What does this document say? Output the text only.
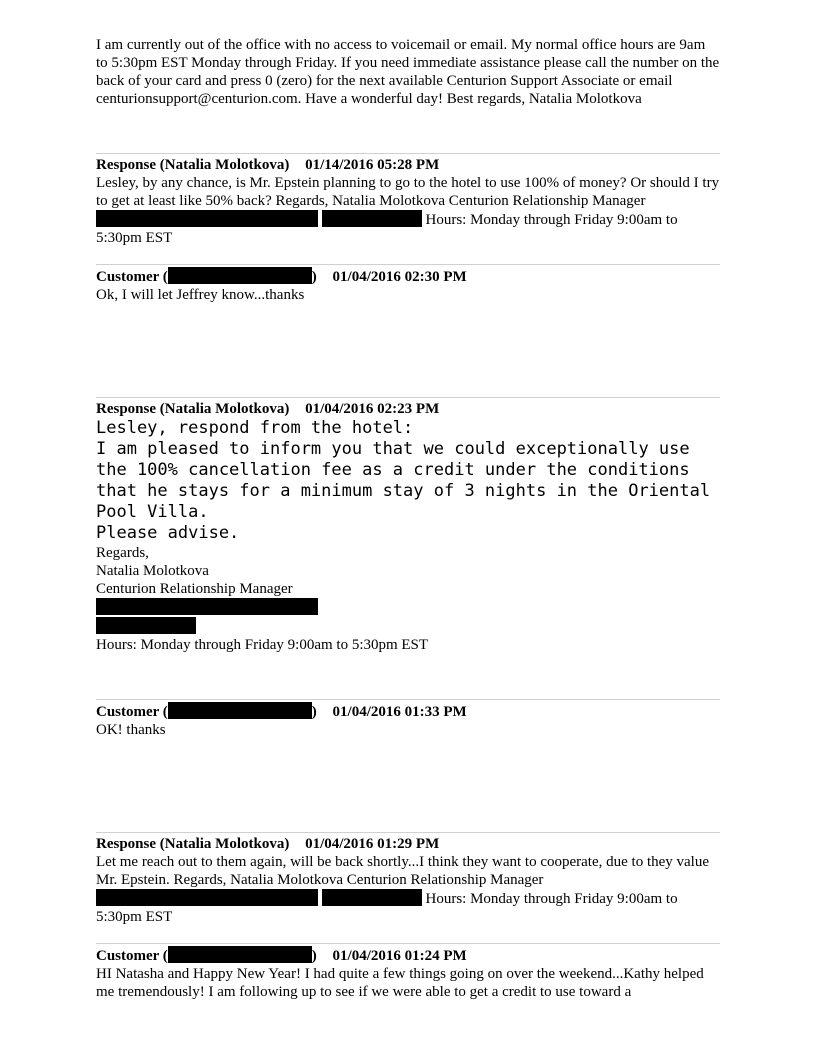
I am currently out of the office with no access to voicemail or email. My normal office hours are 9am to 5:30pm EST Monday through Friday. If you need immediate assistance please call the number on the back of your card and press 0 (zero) for the next available Centurion Support Associate or email centurionsupport@centurion.com. Have a wonderful day! Best regards, Natalia Molotkova
Response (Natalia Molotkova) 01/14/2016 05:28 PM
Lesley, by any chance, is Mr. Epstein planning to go to the hotel to use 100% of money? Or should I try to get at least like 50% back? Regards, Natalia Molotkova Centurion Relationship Manager   Hours: Monday through Friday 9:00am to 5:30pm EST
Customer (	) 01/04/2016 02:30 PM
Ok, I will let Jeffrey know...thanks
Response (Natalia Molotkova) 01/04/2016 02:23 PM
Lesley, respond from the hotel:
I am pleased to inform you that we could exceptionally use the 100% cancellation fee as a credit under the conditions that he stays for a minimum stay of 3 nights in the Oriental Pool Villa.
Please advise.
Regards,
Natalia Molotkova
Centurion Relationship Manager
Hours: Monday through Friday 9:00am to 5:30pm EST
Customer (	) 01/04/2016 01:33 PM
OK! thanks
Response (Natalia Molotkova) 01/04/2016 01:29 PM
Let me reach out to them again, will be back shortly...I think they want to cooperate, due to they value Mr. Epstein. Regards, Natalia Molotkova Centurion Relationship Manager   Hours: Monday through Friday 9:00am to 5:30pm EST
Customer (	) 01/04/2016 01:24 PM
HI Natasha and Happy New Year! I had quite a few things going on over the weekend...Kathy helped me tremendously! I am following up to see if we were able to get a credit to use toward a
